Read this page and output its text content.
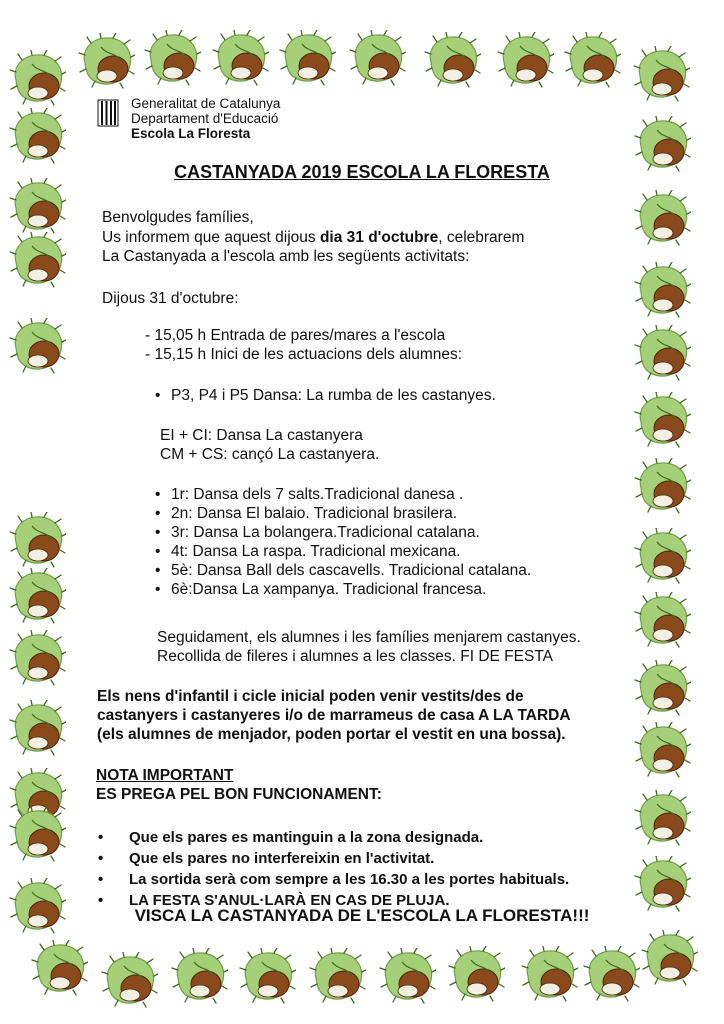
Generalitat de Catalunya
Departament d'Educació
Escola La Floresta
CASTANYADA 2019 ESCOLA LA FLORESTA
Benvolgudes famílies,
Us informem que aquest dijous dia 31 d'octubre, celebrarem
La Castanyada a l'escola amb les següents activitats:
Dijous 31 d'octubre:
- 15,05 h Entrada de pares/mares a l'escola
- 15,15 h Inici de les actuacions dels alumnes:
• P3, P4 i P5 Dansa: La rumba de les castanyes.
EI + CI: Dansa La castanyera
CM + CS: cançó La castanyera.
• 1r: Dansa dels 7 salts.Tradicional danesa .
• 2n: Dansa El balaio. Tradicional brasilera.
• 3r: Dansa La bolangera.Tradicional catalana.
• 4t: Dansa La raspa. Tradicional mexicana.
• 5è: Dansa Ball dels cascavells. Tradicional catalana.
• 6è:Dansa La xampanya. Tradicional francesa.
Seguidament, els alumnes i les famílies menjarem castanyes.
Recollida de fileres i alumnes a les classes. FI DE FESTA
Els nens d'infantil i cicle inicial poden venir vestits/des de
castanyers i castanyeres i/o de marrameus de casa A LA TARDA
(els alumnes de menjador, poden portar el vestit en una bossa).
NOTA IMPORTANT
ES PREGA PEL BON FUNCIONAMENT:
• Que els pares es mantinguin a la zona designada.
• Que els pares no interfereixin en l'activitat.
• La sortida serà com sempre a les 16.30 a les portes habituals.
• LA FESTA S'ANUL·LARÀ EN CAS DE PLUJA.
VISCA LA CASTANYADA DE L'ESCOLA LA FLORESTA!!!
